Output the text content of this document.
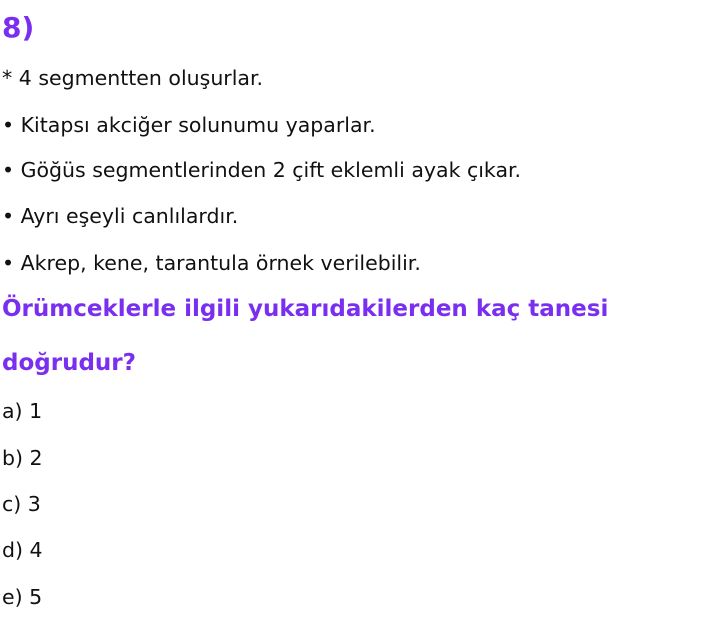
8)

* 4 segmentten oluşurlar.

• Kitapsı akciğer solunumu yaparlar.

• Göğüs segmentlerinden 2 çift eklemli ayak çıkar.

• Ayrı eşeyli canlılardır.

• Akrep, kene, tarantula örnek verilebilir.

Örümceklerle ilgili yukarıdakilerden kaç tanesi

doğrudur?

a) 1

b) 2

c) 3

d) 4

e) 5
